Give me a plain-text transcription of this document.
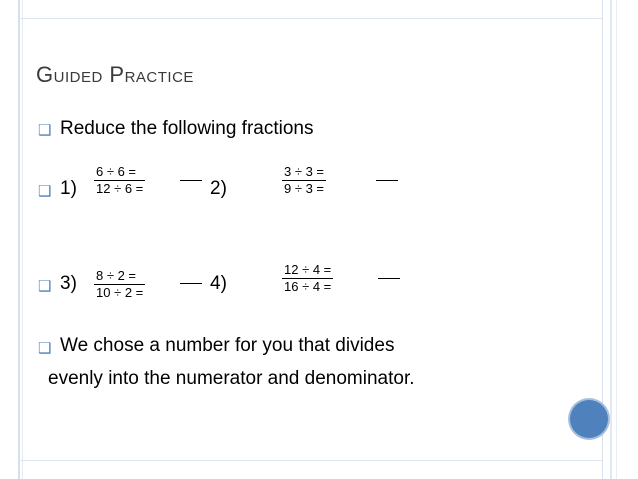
Guided Practice
❑
Reduce the following fractions
❑
$1) \frac{6 \div 6 =}{12 \div 6 =}$	2)	$\frac{3 \div 3 =}{9 \div 3 =}$
❑
$3) \frac{8 \div 2 =}{10 \div 2 =}$	4)	$\frac{12 \div 4 =}{16 \div 4 =}$
❑
We chose a number for you that divides
evenly into the numerator and denominator.
